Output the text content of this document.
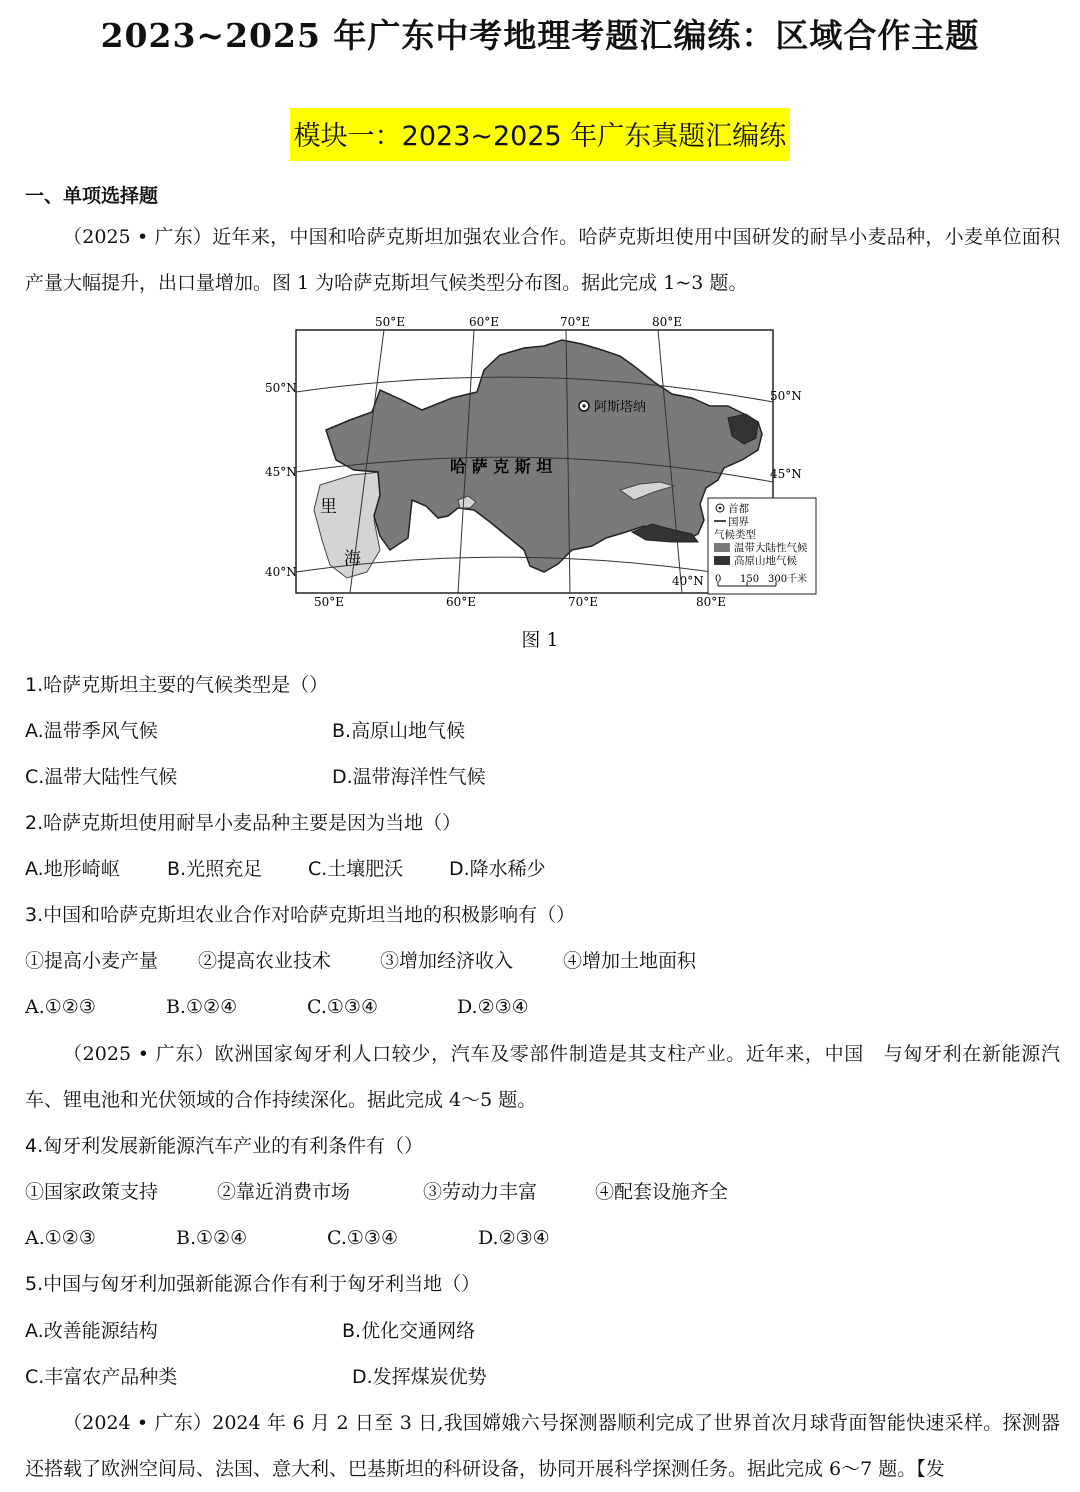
2023~2025 年广东中考地理考题汇编练：区域合作主题
模块一：2023~2025 年广东真题汇编练
一、单项选择题
（2025 • 广东）近年来，中国和哈萨克斯坦加强农业合作。哈萨克斯坦使用中国研发的耐旱小麦品种，小麦单位面积产量大幅提升，出口量增加。图 1 为哈萨克斯坦气候类型分布图。据此完成 1~3 题。
阿斯塔纳
哈 萨 克 斯 坦
里
海
50°E	60°E	70°E	80°E
50°E	60°E	70°E	80°E
50°N
45°N
40°N
50°N
45°N
40°N
首都
国界
气候类型
温带大陆性气候
高原山地气候
0 150 300千米
图 1
1.哈萨克斯坦主要的气候类型是（）
A.温带季风气候	B.高原山地气候
C.温带大陆性气候	D.温带海洋性气候
2.哈萨克斯坦使用耐旱小麦品种主要是因为当地（）
A.地形崎岖 B.光照充足 C.土壤肥沃 D.降水稀少
3.中国和哈萨克斯坦农业合作对哈萨克斯坦当地的积极影响有（）
①提高小麦产量 ②提高农业技术	③增加经济收入	④增加土地面积
A.①②③	B.①②④	C.①③④	D.②③④
（2025 • 广东）欧洲国家匈牙利人口较少，汽车及零部件制造是其支柱产业。近年来，中国　与匈牙利在新能源汽车、锂电池和光伏领域的合作持续深化。据此完成 4～5 题。
4.匈牙利发展新能源汽车产业的有利条件有（）
①国家政策支持	②靠近消费市场	③劳动力丰富	④配套设施齐全
A.①②③	B.①②④	C.①③④	D.②③④
5.中国与匈牙利加强新能源合作有利于匈牙利当地（）
A.改善能源结构	B.优化交通网络
C.丰富农产品种类	D.发挥煤炭优势
（2024 • 广东）2024 年 6 月 2 日至 3 日,我国嫦娥六号探测器顺利完成了世界首次月球背面智能快速采样。探测器还搭载了欧洲空间局、法国、意大利、巴基斯坦的科研设备，协同开展科学探测任务。据此完成 6～7 题。【发
